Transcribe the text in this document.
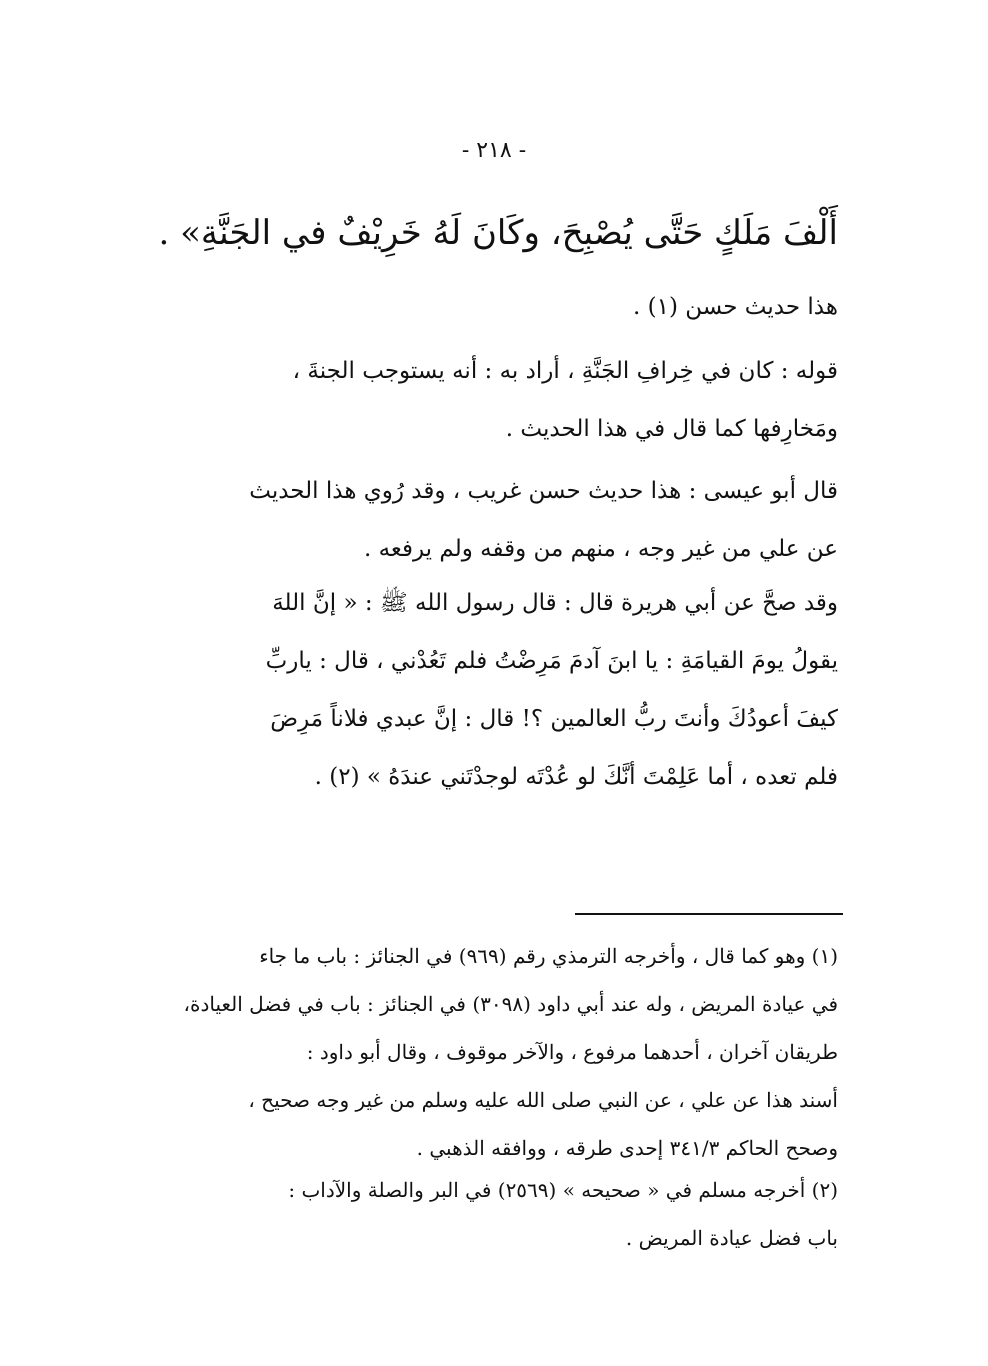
- ٢١٨ -
أَلْفَ مَلَكٍ حَتَّى يُصْبِحَ، وكَانَ لَهُ خَرِيْفٌ في الجَنَّةِ» .
هذا حديث حسن (١) .
قوله : كان في خِرافِ الجَنَّةِ ، أراد به : أنه يستوجب الجنةَ ،
ومَخارِفها كما قال في هذا الحديث .
قال أبو عيسى : هذا حديث حسن غريب ، وقد رُوي هذا الحديث
عن علي من غير وجه ، منهم من وقفه ولم يرفعه .
وقد صحَّ عن أبي هريرة قال : قال رسول الله ﷺ : « إنَّ اللهَ
يقولُ يومَ القيامَةِ : يا ابنَ آدمَ مَرِضْتُ فلم تَعُدْني ، قال : ياربِّ
كيفَ أعودُكَ وأنتَ ربُّ العالمين ؟! قال : إنَّ عبدي فلاناً مَرِضَ
فلم تعده ، أما عَلِمْتَ أنَّكَ لو عُدْتَه لوجدْتَني عندَهُ » (٢) .
(١) وهو كما قال ، وأخرجه الترمذي رقم (٩٦٩) في الجنائز : باب ما جاء
في عيادة المريض ، وله عند أبي داود (٣٠٩٨) في الجنائز : باب في فضل العيادة،
طريقان آخران ، أحدهما مرفوع ، والآخر موقوف ، وقال أبو داود :
أسند هذا عن علي ، عن النبي صلى الله عليه وسلم من غير وجه صحيح ،
وصحح الحاكم ٣٤١/٣ إحدى طرقه ، ووافقه الذهبي .
(٢) أخرجه مسلم في « صحيحه » (٢٥٦٩) في البر والصلة والآداب :
باب فضل عيادة المريض .
